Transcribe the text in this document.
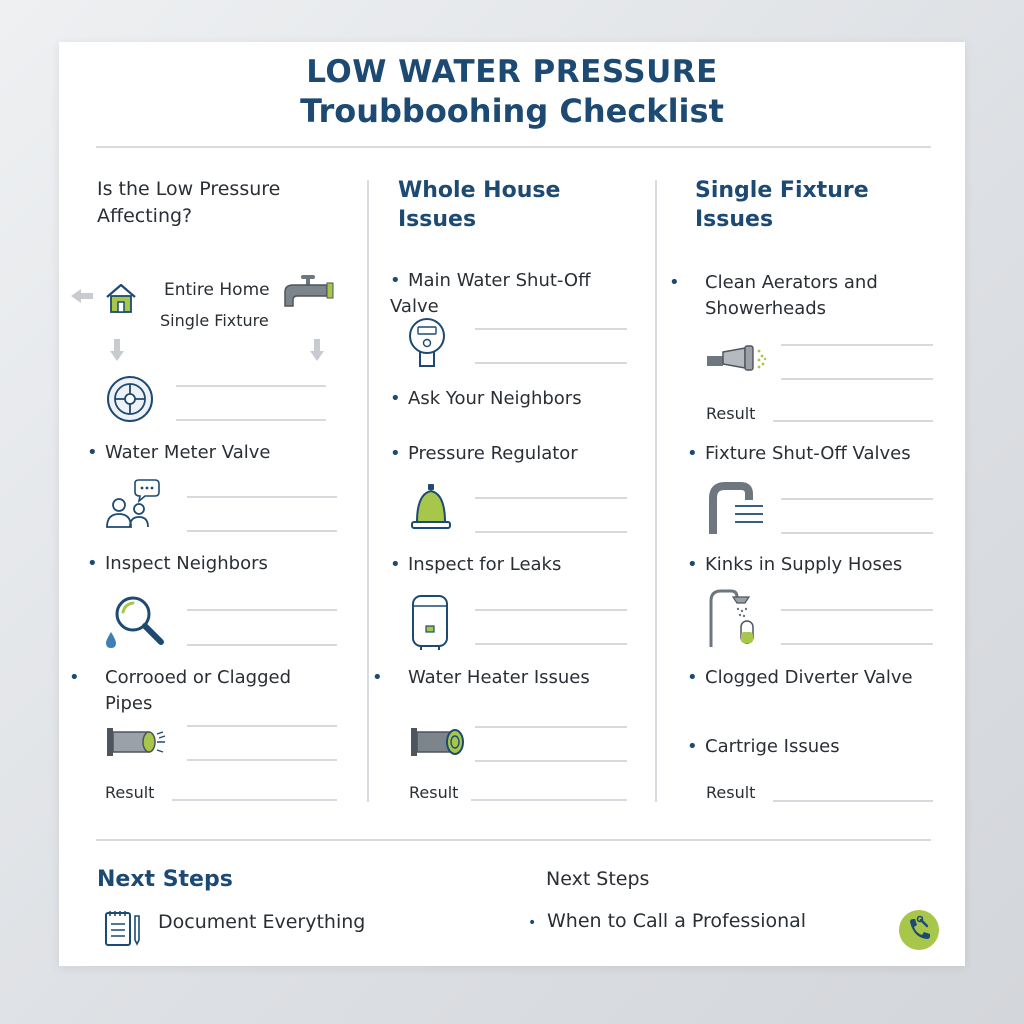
LOW WATER PRESSURE
Troubboohing Checklist
Is the Low Pressure Affecting?
Entire Home
Single Fixture
• Water Meter Valve
• Inspect Neighbors
• Corrooed or Clagged Pipes
Result
Whole House Issues
• Main Water Shut-Off Valve
• Ask Your Neighbors
• Pressure Regulator
• Inspect for Leaks
• Water Heater Issues
Result
Single Fixture Issues
• Clean Aerators and Showerheads
Result
• Fixture Shut-Off Valves
• Kinks in Supply Hoses
• Clogged Diverter Valve
• Cartrige Issues
Result
Next Steps
Document Everything
Next Steps
• When to Call a Professional
